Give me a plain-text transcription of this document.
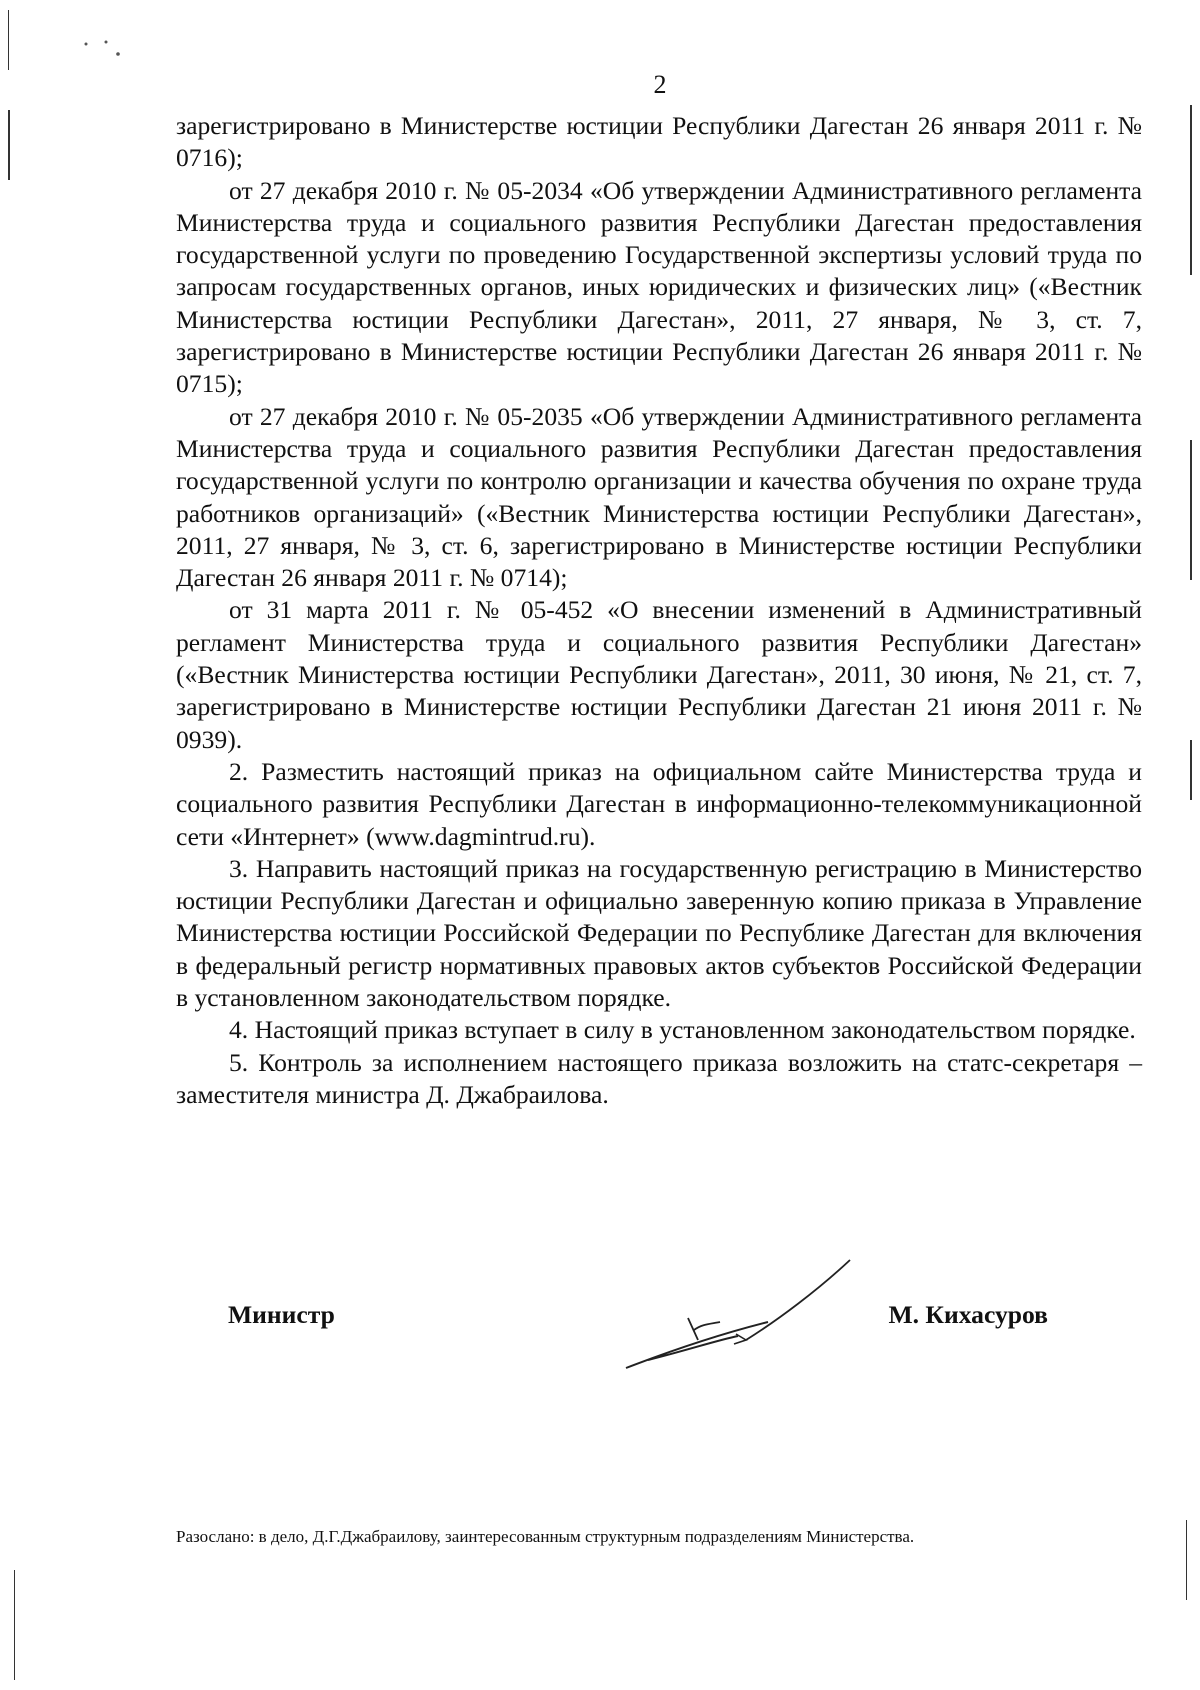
2

зарегистрировано в Министерстве юстиции Республики Дагестан 26 января 2011 г. № 0716);

от 27 декабря 2010 г. № 05-2034 «Об утверждении Административного регламента Министерства труда и социального развития Республики Дагестан предоставления государственной услуги по проведению Государственной экспертизы условий труда по запросам государственных органов, иных юридических и физических лиц» («Вестник Министерства юстиции Республики Дагестан», 2011, 27 января, № 3, ст. 7, зарегистрировано в Министерстве юстиции Республики Дагестан 26 января 2011 г. № 0715);

от 27 декабря 2010 г. № 05-2035 «Об утверждении Административного регламента Министерства труда и социального развития Республики Дагестан предоставления государственной услуги по контролю организации и качества обучения по охране труда работников организаций» («Вестник Министерства юстиции Республики Дагестан», 2011, 27 января, № 3, ст. 6, зарегистрировано в Министерстве юстиции Республики Дагестан 26 января 2011 г. № 0714);

от 31 марта 2011 г. № 05-452 «О внесении изменений в Административный регламент Министерства труда и социального развития Республики Дагестан» («Вестник Министерства юстиции Республики Дагестан», 2011, 30 июня, № 21, ст. 7, зарегистрировано в Министерстве юстиции Республики Дагестан 21 июня 2011 г. № 0939).

2. Разместить настоящий приказ на официальном сайте Министерства труда и социального развития Республики Дагестан в информационно-телекоммуникационной сети «Интернет» (www.dagmintrud.ru).

3. Направить настоящий приказ на государственную регистрацию в Министерство юстиции Республики Дагестан и официально заверенную копию приказа в Управление Министерства юстиции Российской Федерации по Республике Дагестан для включения в федеральный регистр нормативных правовых актов субъектов Российской Федерации в установленном законодательством порядке.

4. Настоящий приказ вступает в силу в установленном законодательством порядке.

5. Контроль за исполнением настоящего приказа возложить на статс-секретаря – заместителя министра Д. Джабраилова.

Министр	М. Кихасуров
Разослано: в дело, Д.Г.Джабраилову, заинтересованным структурным подразделениям Министерства.
